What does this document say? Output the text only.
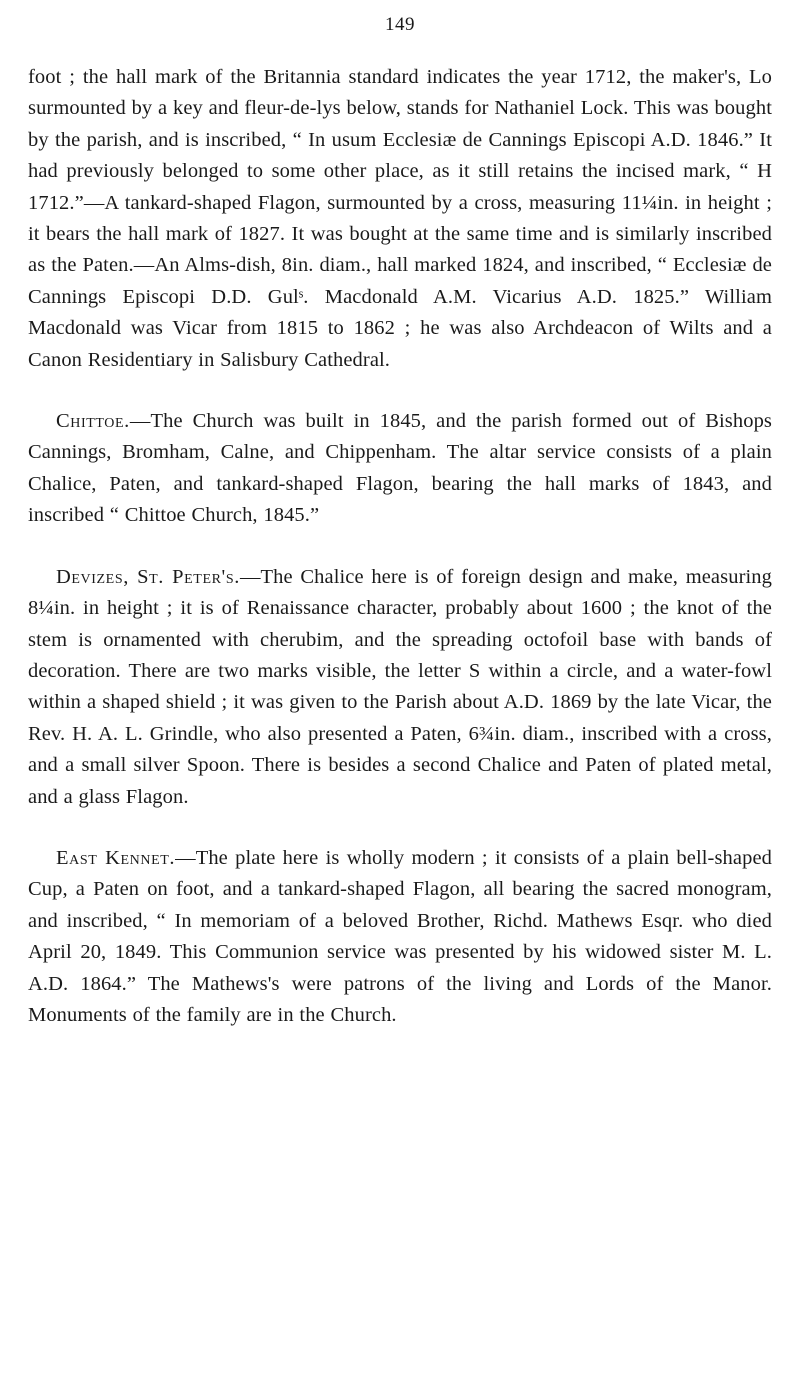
149

foot ; the hall mark of the Britannia standard indicates the year 1712, the maker's, Lo surmounted by a key and fleur-de-lys below, stands for Nathaniel Lock. This was bought by the parish, and is inscribed, “ In usum Ecclesiæ de Cannings Episcopi A.D. 1846.” It had previously belonged to some other place, as it still retains the incised mark, “ H 1712.”—A tankard-shaped Flagon, surmounted by a cross, measuring 11¼in. in height ; it bears the hall mark of 1827. It was bought at the same time and is similarly inscribed as the Paten.—An Alms-dish, 8in. diam., hall marked 1824, and inscribed, “ Ecclesiæ de Cannings Episcopi D.D. Gulˢ. Macdonald A.M. Vicarius A.D. 1825.” William Macdonald was Vicar from 1815 to 1862 ; he was also Archdeacon of Wilts and a Canon Residentiary in Salisbury Cathedral.

Chittoe.—The Church was built in 1845, and the parish formed out of Bishops Cannings, Bromham, Calne, and Chippenham. The altar service consists of a plain Chalice, Paten, and tankard-shaped Flagon, bearing the hall marks of 1843, and inscribed “ Chittoe Church, 1845.”

Devizes, St. Peter's.—The Chalice here is of foreign design and make, measuring 8¼in. in height ; it is of Renaissance character, probably about 1600 ; the knot of the stem is ornamented with cherubim, and the spreading octofoil base with bands of decoration. There are two marks visible, the letter S within a circle, and a water-fowl within a shaped shield ; it was given to the Parish about A.D. 1869 by the late Vicar, the Rev. H. A. L. Grindle, who also presented a Paten, 6¾in. diam., inscribed with a cross, and a small silver Spoon. There is besides a second Chalice and Paten of plated metal, and a glass Flagon.

East Kennet.—The plate here is wholly modern ; it consists of a plain bell-shaped Cup, a Paten on foot, and a tankard-shaped Flagon, all bearing the sacred monogram, and inscribed, “ In memoriam of a beloved Brother, Richd. Mathews Esqr. who died April 20, 1849. This Communion service was presented by his widowed sister M. L. A.D. 1864.” The Mathews's were patrons of the living and Lords of the Manor. Monuments of the family are in the Church.
